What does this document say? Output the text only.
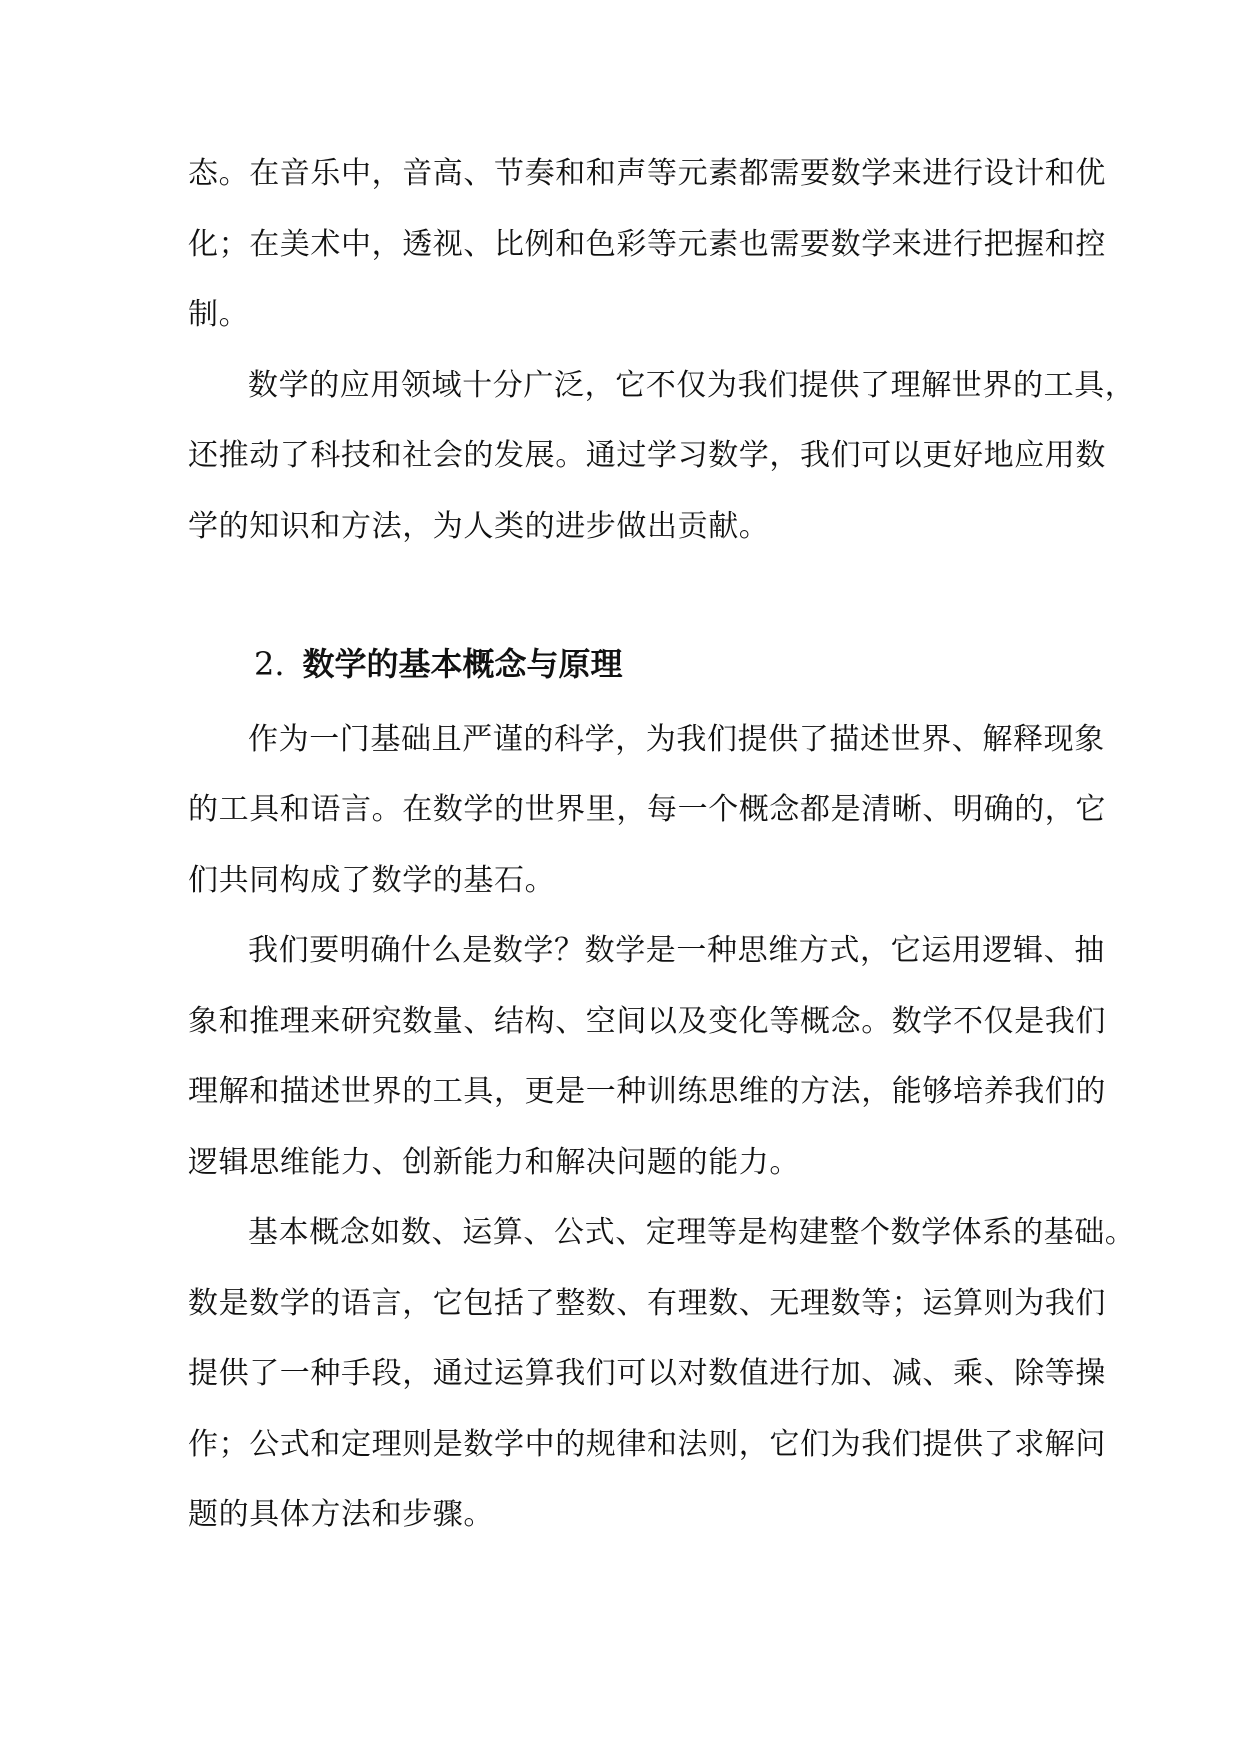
态。在音乐中，音高、节奏和和声等元素都需要数学来进行设计和优
化；在美术中，透视、比例和色彩等元素也需要数学来进行把握和控
制。
数学的应用领域十分广泛，它不仅为我们提供了理解世界的工具，
还推动了科技和社会的发展。通过学习数学，我们可以更好地应用数
学的知识和方法，为人类的进步做出贡献。
2. 数学的基本概念与原理
作为一门基础且严谨的科学，为我们提供了描述世界、解释现象
的工具和语言。在数学的世界里，每一个概念都是清晰、明确的，它
们共同构成了数学的基石。
我们要明确什么是数学？数学是一种思维方式，它运用逻辑、抽
象和推理来研究数量、结构、空间以及变化等概念。数学不仅是我们
理解和描述世界的工具，更是一种训练思维的方法，能够培养我们的
逻辑思维能力、创新能力和解决问题的能力。
基本概念如数、运算、公式、定理等是构建整个数学体系的基础。
数是数学的语言，它包括了整数、有理数、无理数等；运算则为我们
提供了一种手段，通过运算我们可以对数值进行加、减、乘、除等操
作；公式和定理则是数学中的规律和法则，它们为我们提供了求解问
题的具体方法和步骤。
